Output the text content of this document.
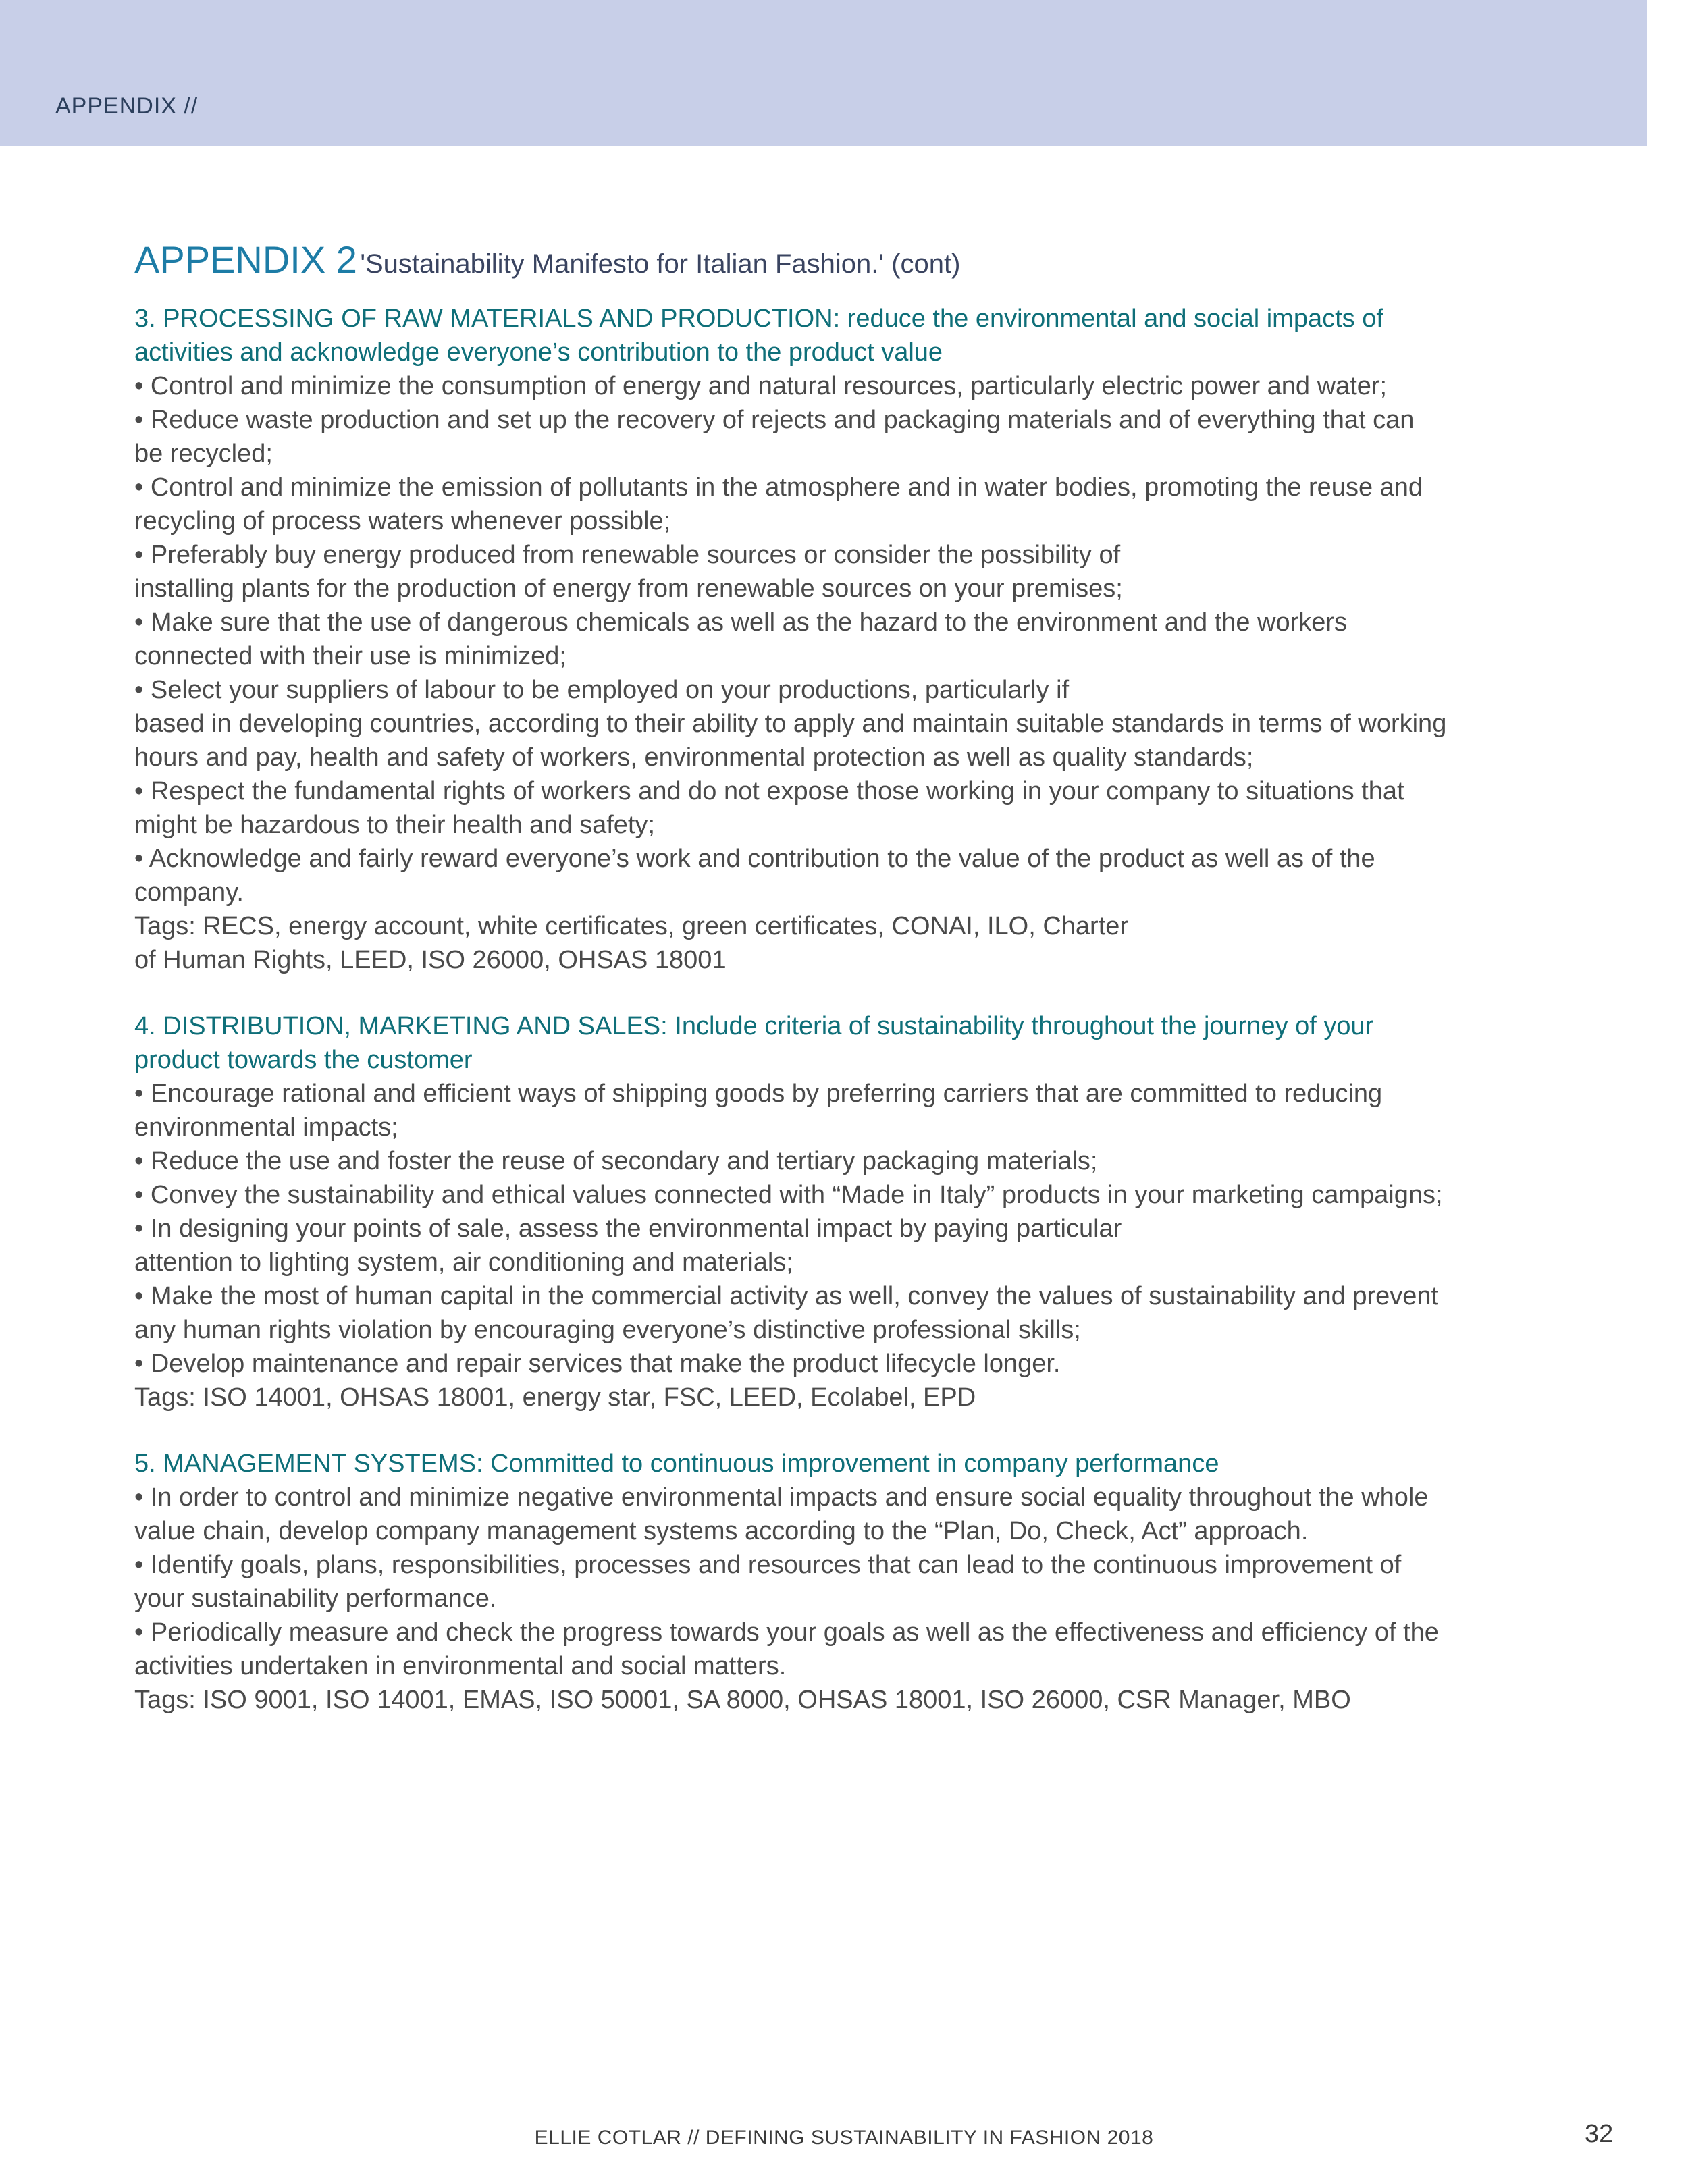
APPENDIX //
APPENDIX 2 'Sustainability Manifesto for Italian Fashion.' (cont)

3. PROCESSING OF RAW MATERIALS AND PRODUCTION: reduce the environmental and social impacts of

activities and acknowledge everyone’s contribution to the product value

• Control and minimize the consumption of energy and natural resources, particularly electric power and water;

• Reduce waste production and set up the recovery of rejects and packaging materials and of everything that can

be recycled;

• Control and minimize the emission of pollutants in the atmosphere and in water bodies, promoting the reuse and

recycling of process waters whenever possible;

• Preferably buy energy produced from renewable sources or consider the possibility of

installing plants for the production of energy from renewable sources on your premises;

• Make sure that the use of dangerous chemicals as well as the hazard to the environment and the workers

connected with their use is minimized;

• Select your suppliers of labour to be employed on your productions, particularly if

based in developing countries, according to their ability to apply and maintain suitable standards in terms of working

hours and pay, health and safety of workers, environmental protection as well as quality standards;

• Respect the fundamental rights of workers and do not expose those working in your company to situations that

might be hazardous to their health and safety;

• Acknowledge and fairly reward everyone’s work and contribution to the value of the product as well as of the

company.

Tags: RECS, energy account, white certificates, green certificates, CONAI, ILO, Charter

of Human Rights, LEED, ISO 26000, OHSAS 18001

4. DISTRIBUTION, MARKETING AND SALES: Include criteria of sustainability throughout the journey of your

product towards the customer

• Encourage rational and efficient ways of shipping goods by preferring carriers that are committed to reducing

environmental impacts;

• Reduce the use and foster the reuse of secondary and tertiary packaging materials;

• Convey the sustainability and ethical values connected with “Made in Italy” products in your marketing campaigns;

• In designing your points of sale, assess the environmental impact by paying particular

attention to lighting system, air conditioning and materials;

• Make the most of human capital in the commercial activity as well, convey the values of sustainability and prevent

any human rights violation by encouraging everyone’s distinctive professional skills;

• Develop maintenance and repair services that make the product lifecycle longer.

Tags: ISO 14001, OHSAS 18001, energy star, FSC, LEED, Ecolabel, EPD

5. MANAGEMENT SYSTEMS: Committed to continuous improvement in company performance

• In order to control and minimize negative environmental impacts and ensure social equality throughout the whole

value chain, develop company management systems according to the “Plan, Do, Check, Act” approach.

• Identify goals, plans, responsibilities, processes and resources that can lead to the continuous improvement of

your sustainability performance.

• Periodically measure and check the progress towards your goals as well as the effectiveness and efficiency of the

activities undertaken in environmental and social matters.

Tags: ISO 9001, ISO 14001, EMAS, ISO 50001, SA 8000, OHSAS 18001, ISO 26000, CSR Manager, MBO

ELLIE COTLAR // DEFINING SUSTAINABILITY IN FASHION 2018	32
